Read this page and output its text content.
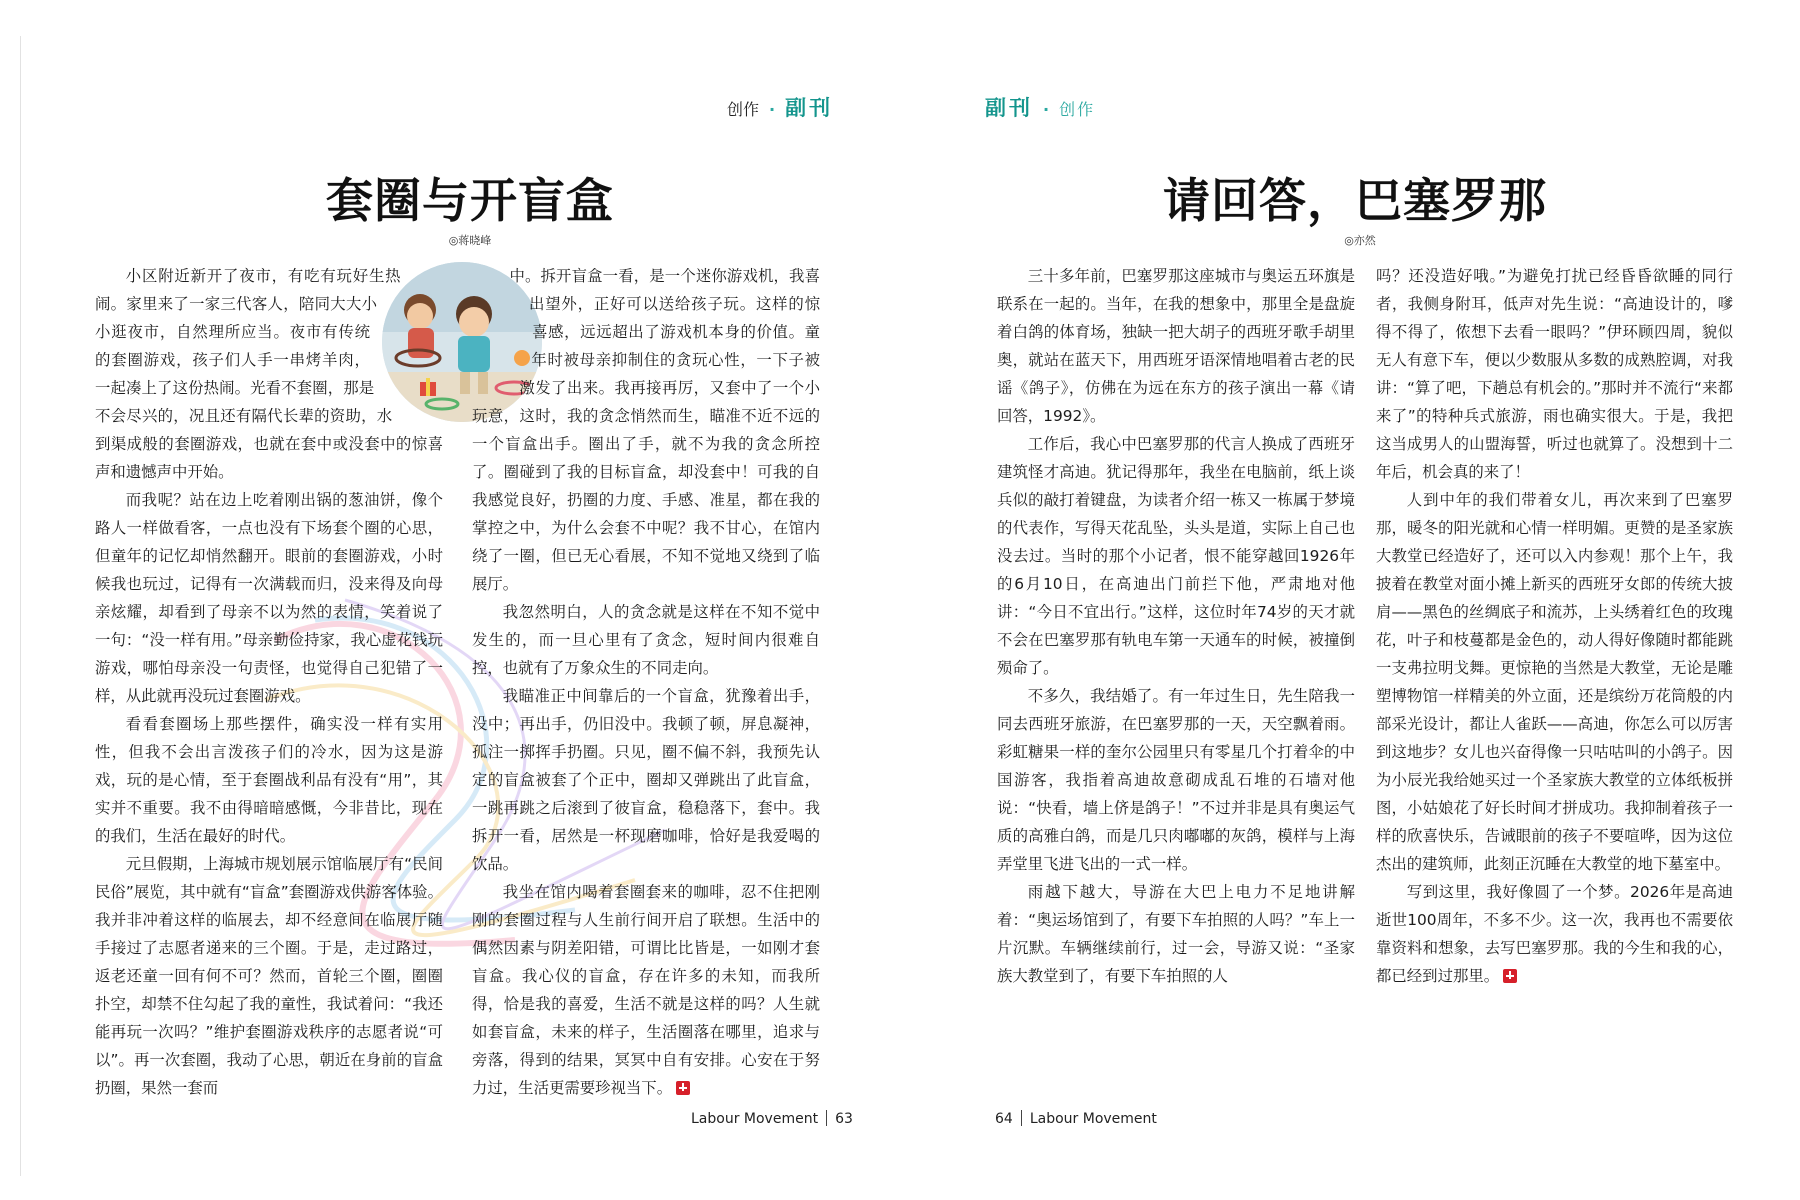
创作 · 副刊
套圈与开盲盒
◎蒋晓峰

小区附近新开了夜市，有吃有玩好生热闹。家里来了一家三代客人，陪同大大小小逛夜市，自然理所应当。夜市有传统的套圈游戏，孩子们人手一串烤羊肉，一起凑上了这份热闹。光看不套圈，那是不会尽兴的，况且还有隔代长辈的资助，水到渠成般的套圈游戏，也就在套中或没套中的惊喜声和遗憾声中开始。

而我呢？站在边上吃着刚出锅的葱油饼，像个路人一样做看客，一点也没有下场套个圈的心思，但童年的记忆却悄然翻开。眼前的套圈游戏，小时候我也玩过，记得有一次满载而归，没来得及向母亲炫耀，却看到了母亲不以为然的表情，笑着说了一句：“没一样有用。”母亲勤俭持家，我心虚花钱玩游戏，哪怕母亲没一句责怪，也觉得自己犯错了一样，从此就再没玩过套圈游戏。

看看套圈场上那些摆件，确实没一样有实用性，但我不会出言泼孩子们的冷水，因为这是游戏，玩的是心情，至于套圈战利品有没有“用”，其实并不重要。我不由得暗暗感慨，今非昔比，现在的我们，生活在最好的时代。

元旦假期，上海城市规划展示馆临展厅有“民间民俗”展览，其中就有“盲盒”套圈游戏供游客体验。我并非冲着这样的临展去，却不经意间在临展厅随手接过了志愿者递来的三个圈。于是，走过路过，返老还童一回有何不可？然而，首轮三个圈，圈圈扑空，却禁不住勾起了我的童性，我试着问：“我还能再玩一次吗？”维护套圈游戏秩序的志愿者说“可以”。再一次套圈，我动了心思，朝近在身前的盲盒扔圈，果然一套而

中。拆开盲盒一看，是一个迷你游戏机，我喜出望外，正好可以送给孩子玩。这样的惊喜感，远远超出了游戏机本身的价值。童年时被母亲抑制住的贪玩心性，一下子被激发了出来。我再接再厉，又套中了一个小玩意，这时，我的贪念悄然而生，瞄准不近不远的一个盲盒出手。圈出了手，就不为我的贪念所控了。圈碰到了我的目标盲盒，却没套中！可我的自我感觉良好，扔圈的力度、手感、准星，都在我的掌控之中，为什么会套不中呢？我不甘心，在馆内绕了一圈，但已无心看展，不知不觉地又绕到了临展厅。

我忽然明白，人的贪念就是这样在不知不觉中发生的，而一旦心里有了贪念，短时间内很难自控，也就有了万象众生的不同走向。

我瞄准正中间靠后的一个盲盒，犹豫着出手，没中；再出手，仍旧没中。我顿了顿，屏息凝神，孤注一掷挥手扔圈。只见，圈不偏不斜，我预先认定的盲盒被套了个正中，圈却又弹跳出了此盲盒，一跳再跳之后滚到了彼盲盒，稳稳落下，套中。我拆开一看，居然是一杯现磨咖啡，恰好是我爱喝的饮品。

我坐在馆内喝着套圈套来的咖啡，忍不住把刚刚的套圈过程与人生前行间开启了联想。生活中的偶然因素与阴差阳错，可谓比比皆是，一如刚才套盲盒。我心仪的盲盒，存在许多的未知，而我所得，恰是我的喜爱，生活不就是这样的吗？人生就如套盲盒，未来的样子，生活圈落在哪里，追求与旁落，得到的结果，冥冥中自有安排。心安在于努力过，生活更需要珍视当下。

Labour Movement 63
副刊 · 创作
请回答，巴塞罗那
◎亦然

三十多年前，巴塞罗那这座城市与奥运五环旗是联系在一起的。当年，在我的想象中，那里全是盘旋着白鸽的体育场，独缺一把大胡子的西班牙歌手胡里奥，就站在蓝天下，用西班牙语深情地唱着古老的民谣《鸽子》，仿佛在为远在东方的孩子演出一幕《请回答，1992》。

工作后，我心中巴塞罗那的代言人换成了西班牙建筑怪才高迪。犹记得那年，我坐在电脑前，纸上谈兵似的敲打着键盘，为读者介绍一栋又一栋属于梦境的代表作，写得天花乱坠，头头是道，实际上自己也没去过。当时的那个小记者，恨不能穿越回1926年的6月10日，在高迪出门前拦下他，严肃地对他讲：“今日不宜出行。”这样，这位时年74岁的天才就不会在巴塞罗那有轨电车第一天通车的时候，被撞倒殒命了。

不多久，我结婚了。有一年过生日，先生陪我一同去西班牙旅游，在巴塞罗那的一天，天空飘着雨。彩虹糖果一样的奎尔公园里只有零星几个打着伞的中国游客，我指着高迪故意砌成乱石堆的石墙对他说：“快看，墙上侪是鸽子！”不过并非是具有奥运气质的高雅白鸽，而是几只肉嘟嘟的灰鸽，模样与上海弄堂里飞进飞出的一式一样。

雨越下越大，导游在大巴上电力不足地讲解着：“奥运场馆到了，有要下车拍照的人吗？”车上一片沉默。车辆继续前行，过一会，导游又说：“圣家族大教堂到了，有要下车拍照的人

吗？还没造好哦。”为避免打扰已经昏昏欲睡的同行者，我侧身附耳，低声对先生说：“高迪设计的，嗲得不得了，侬想下去看一眼吗？”伊环顾四周，貌似无人有意下车，便以少数服从多数的成熟腔调，对我讲：“算了吧，下趟总有机会的。”那时并不流行“来都来了”的特种兵式旅游，雨也确实很大。于是，我把这当成男人的山盟海誓，听过也就算了。没想到十二年后，机会真的来了！

人到中年的我们带着女儿，再次来到了巴塞罗那，暖冬的阳光就和心情一样明媚。更赞的是圣家族大教堂已经造好了，还可以入内参观！那个上午，我披着在教堂对面小摊上新买的西班牙女郎的传统大披肩——黑色的丝绸底子和流苏，上头绣着红色的玫瑰花，叶子和枝蔓都是金色的，动人得好像随时都能跳一支弗拉明戈舞。更惊艳的当然是大教堂，无论是雕塑博物馆一样精美的外立面，还是缤纷万花筒般的内部采光设计，都让人雀跃——高迪，你怎么可以厉害到这地步？女儿也兴奋得像一只咕咕叫的小鸽子。因为小辰光我给她买过一个圣家族大教堂的立体纸板拼图，小姑娘花了好长时间才拼成功。我抑制着孩子一样的欣喜快乐，告诫眼前的孩子不要喧哗，因为这位杰出的建筑师，此刻正沉睡在大教堂的地下墓室中。

写到这里，我好像圆了一个梦。2026年是高迪逝世100周年，不多不少。这一次，我再也不需要依靠资料和想象，去写巴塞罗那。我的今生和我的心，都已经到过那里。

64 Labour Movement
